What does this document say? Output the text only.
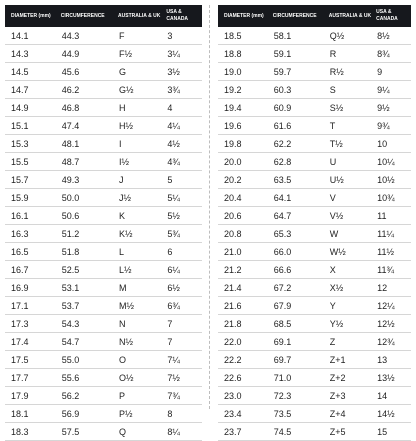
DIAMETER (mm)	CIRCUMFERENCE	AUSTRALIA & UK	USA & CANADA
14.1	44.3	F	3
14.3	44.9	F½	3¼
14.5	45.6	G	3½
14.7	46.2	G½	3¾
14.9	46.8	H	4
15.1	47.4	H½	4¼
15.3	48.1	I	4½
15.5	48.7	I½	4¾
15.7	49.3	J	5
15.9	50.0	J½	5¼
16.1	50.6	K	5½
16.3	51.2	K½	5¾
16.5	51.8	L	6
16.7	52.5	L½	6¼
16.9	53.1	M	6½
17.1	53.7	M½	6¾
17.3	54.3	N	7
17.4	54.7	N½	7
17.5	55.0	O	7¼
17.7	55.6	O½	7½
17.9	56.2	P	7¾
18.1	56.9	P½	8
18.3	57.5	Q	8¼
DIAMETER (mm)	CIRCUMFERENCE	AUSTRALIA & UK	USA & CANADA
18.5	58.1	Q½	8½
18.8	59.1	R	8¾
19.0	59.7	R½	9
19.2	60.3	S	9¼
19.4	60.9	S½	9½
19.6	61.6	T	9¾
19.8	62.2	T½	10
20.0	62.8	U	10¼
20.2	63.5	U½	10½
20.4	64.1	V	10¾
20.6	64.7	V½	11
20.8	65.3	W	11¼
21.0	66.0	W½	11½
21.2	66.6	X	11¾
21.4	67.2	X½	12
21.6	67.9	Y	12¼
21.8	68.5	Y½	12½
22.0	69.1	Z	12¾
22.2	69.7	Z+1	13
22.6	71.0	Z+2	13½
23.0	72.3	Z+3	14
23.4	73.5	Z+4	14½
23.7	74.5	Z+5	15
